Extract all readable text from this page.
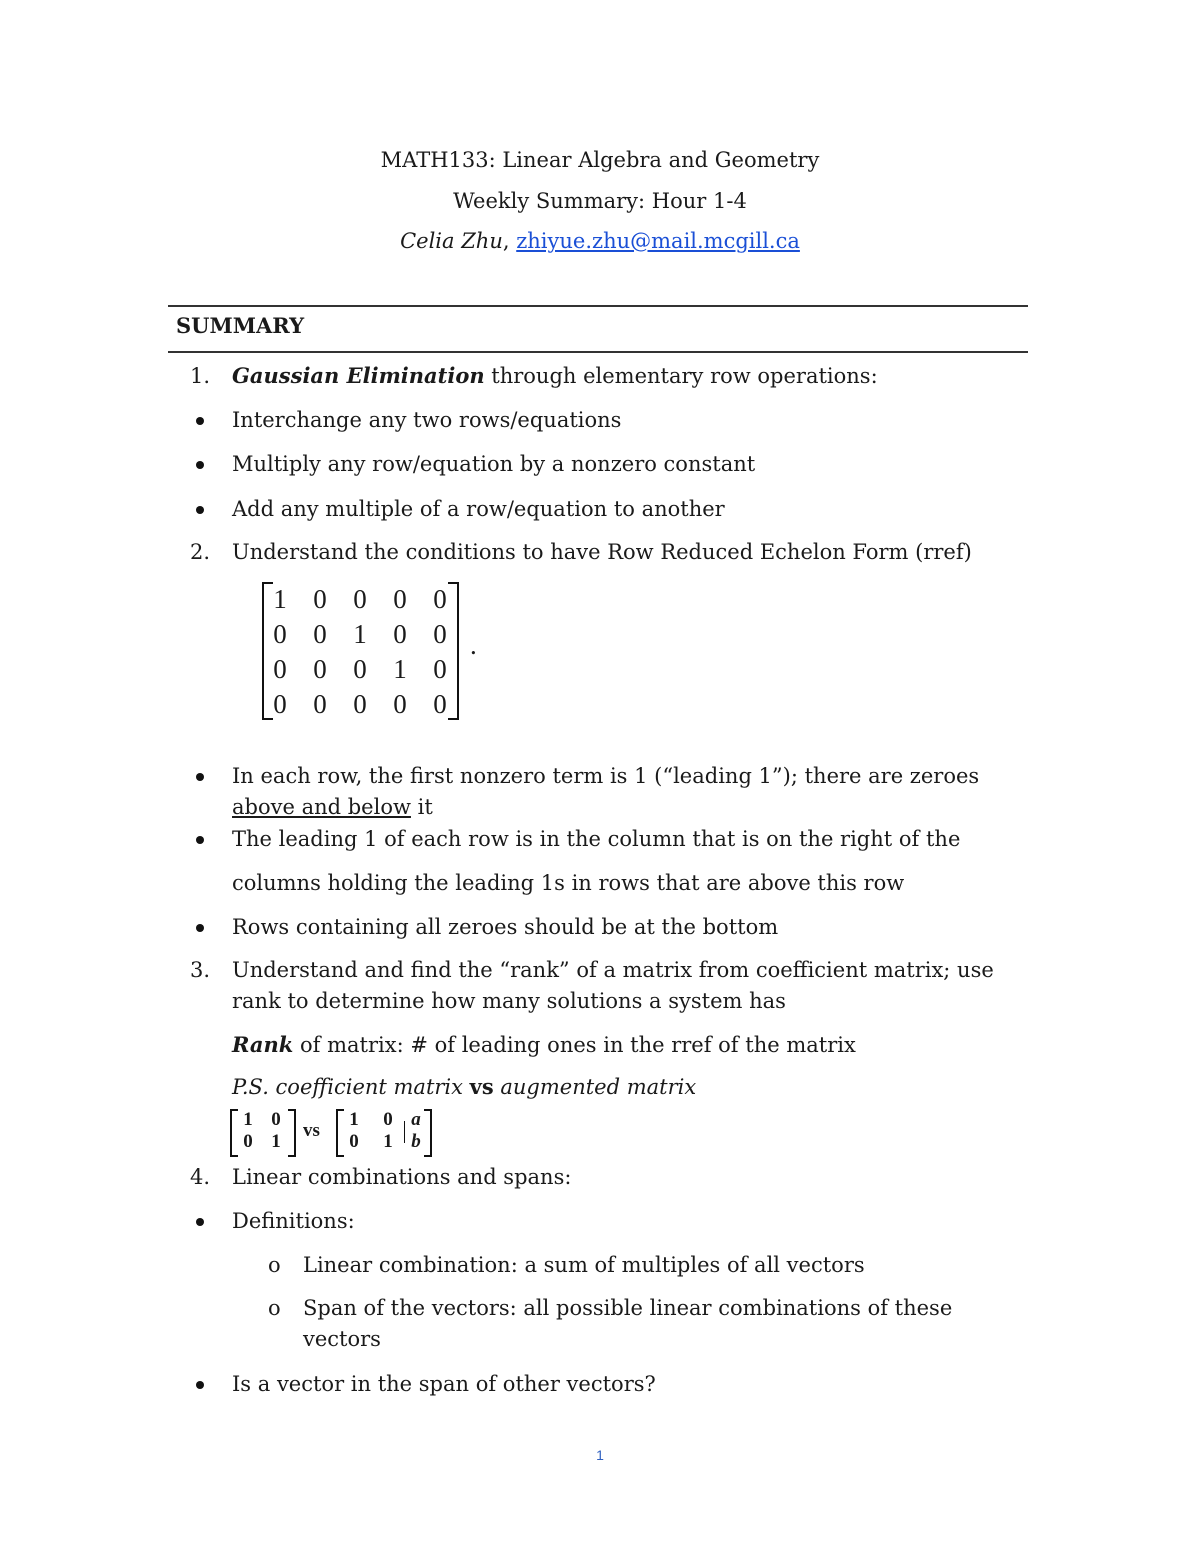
MATH133: Linear Algebra and Geometry
Weekly Summary: Hour 1-4
Celia Zhu, zhiyue.zhu@mail.mcgill.ca
SUMMARY
1. Gaussian Elimination through elementary row operations:
Interchange any two rows/equations
Multiply any row/equation by a nonzero constant
Add any multiple of a row/equation to another
2. Understand the conditions to have Row Reduced Echelon Form (rref)
1 0 0 0 0
0 0 1 0 0
0 0 0 1 0
0 0 0 0 0
.
In each row, the first nonzero term is 1 (“leading 1”); there are zeroes
above and below it
The leading 1 of each row is in the column that is on the right of the
columns holding the leading 1s in rows that are above this row
Rows containing all zeroes should be at the bottom
3. Understand and find the “rank” of a matrix from coefficient matrix; use
rank to determine how many solutions a system has
Rank of matrix: # of leading ones in the rref of the matrix
P.S. coefficient matrix vs augmented matrix
1 0
0 1
vs
1 0 a
0 1 b
4. Linear combinations and spans:
Definitions:
o Linear combination: a sum of multiples of all vectors
o Span of the vectors: all possible linear combinations of these
vectors
Is a vector in the span of other vectors?
1
